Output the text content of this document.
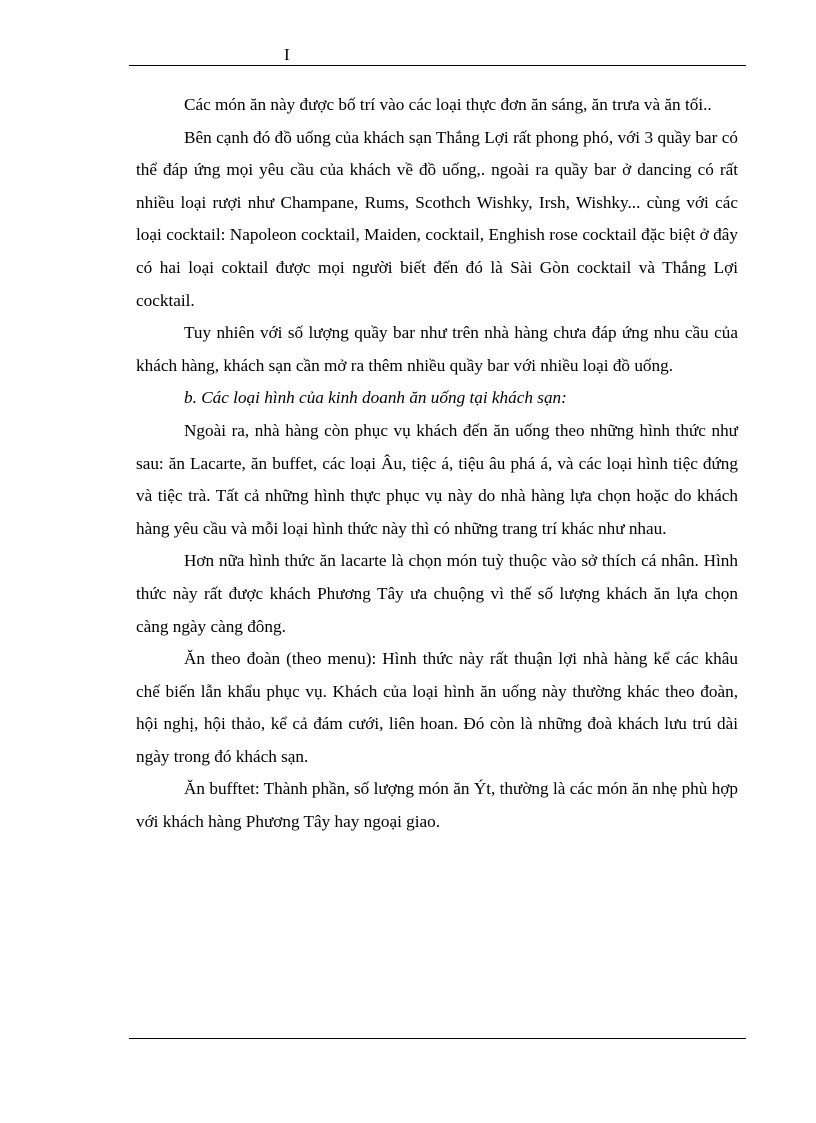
I

Các món ăn này được bố trí vào các loại thực đơn ăn sáng, ăn trưa và ăn tối..

Bên cạnh đó đồ uống của khách sạn Thắng Lợi rất phong phó, với 3 quầy bar có thể đáp ứng mọi yêu cầu của khách về đồ uống,. ngoài ra quầy bar ở dancing có rất nhiều loại rượi như Champane, Rums, Scothch Wishky, Irsh, Wishky... cùng với các loại cocktail: Napoleon cocktail, Maiden, cocktail, Enghish rose cocktail đặc biệt ở đây có hai loại coktail được mọi người biết đến đó là Sài Gòn cocktail và Thắng Lợi cocktail.

Tuy nhiên với số lượng quầy bar như trên nhà hàng chưa đáp ứng nhu cầu của khách hàng, khách sạn cần mở ra thêm nhiều quầy bar với nhiều loại đồ uống.

b. Các loại hình của kinh doanh ăn uống tại khách sạn:

Ngoài ra, nhà hàng còn phục vụ khách đến ăn uống theo những hình thức như sau: ăn Lacarte, ăn buffet, các loại Âu, tiệc á, tiệu âu phá á, và các loại hình tiệc đứng và tiệc trà. Tất cả những hình thực phục vụ này do nhà hàng lựa chọn hoặc do khách hàng yêu cầu và mỗi loại hình thức này thì có những trang trí khác như nhau.

Hơn nữa hình thức ăn lacarte là chọn món tuỳ thuộc vào sở thích cá nhân. Hình thức này rất được khách Phương Tây ưa chuộng vì thế số lượng khách ăn lựa chọn càng ngày càng đông.

Ăn theo đoàn (theo menu): Hình thức này rất thuận lợi nhà hàng kể các khâu chế biến lẫn khẩu phục vụ. Khách của loại hình ăn uống này thường khác theo đoàn, hội nghị, hội thảo, kể cả đám cưới, liên hoan. Đó còn là những đoà khách lưu trú dài ngày trong đó khách sạn.

Ăn bufftet: Thành phần, số lượng món ăn Ýt, thường là các món ăn nhẹ phù hợp với khách hàng Phương Tây hay ngoại giao.
